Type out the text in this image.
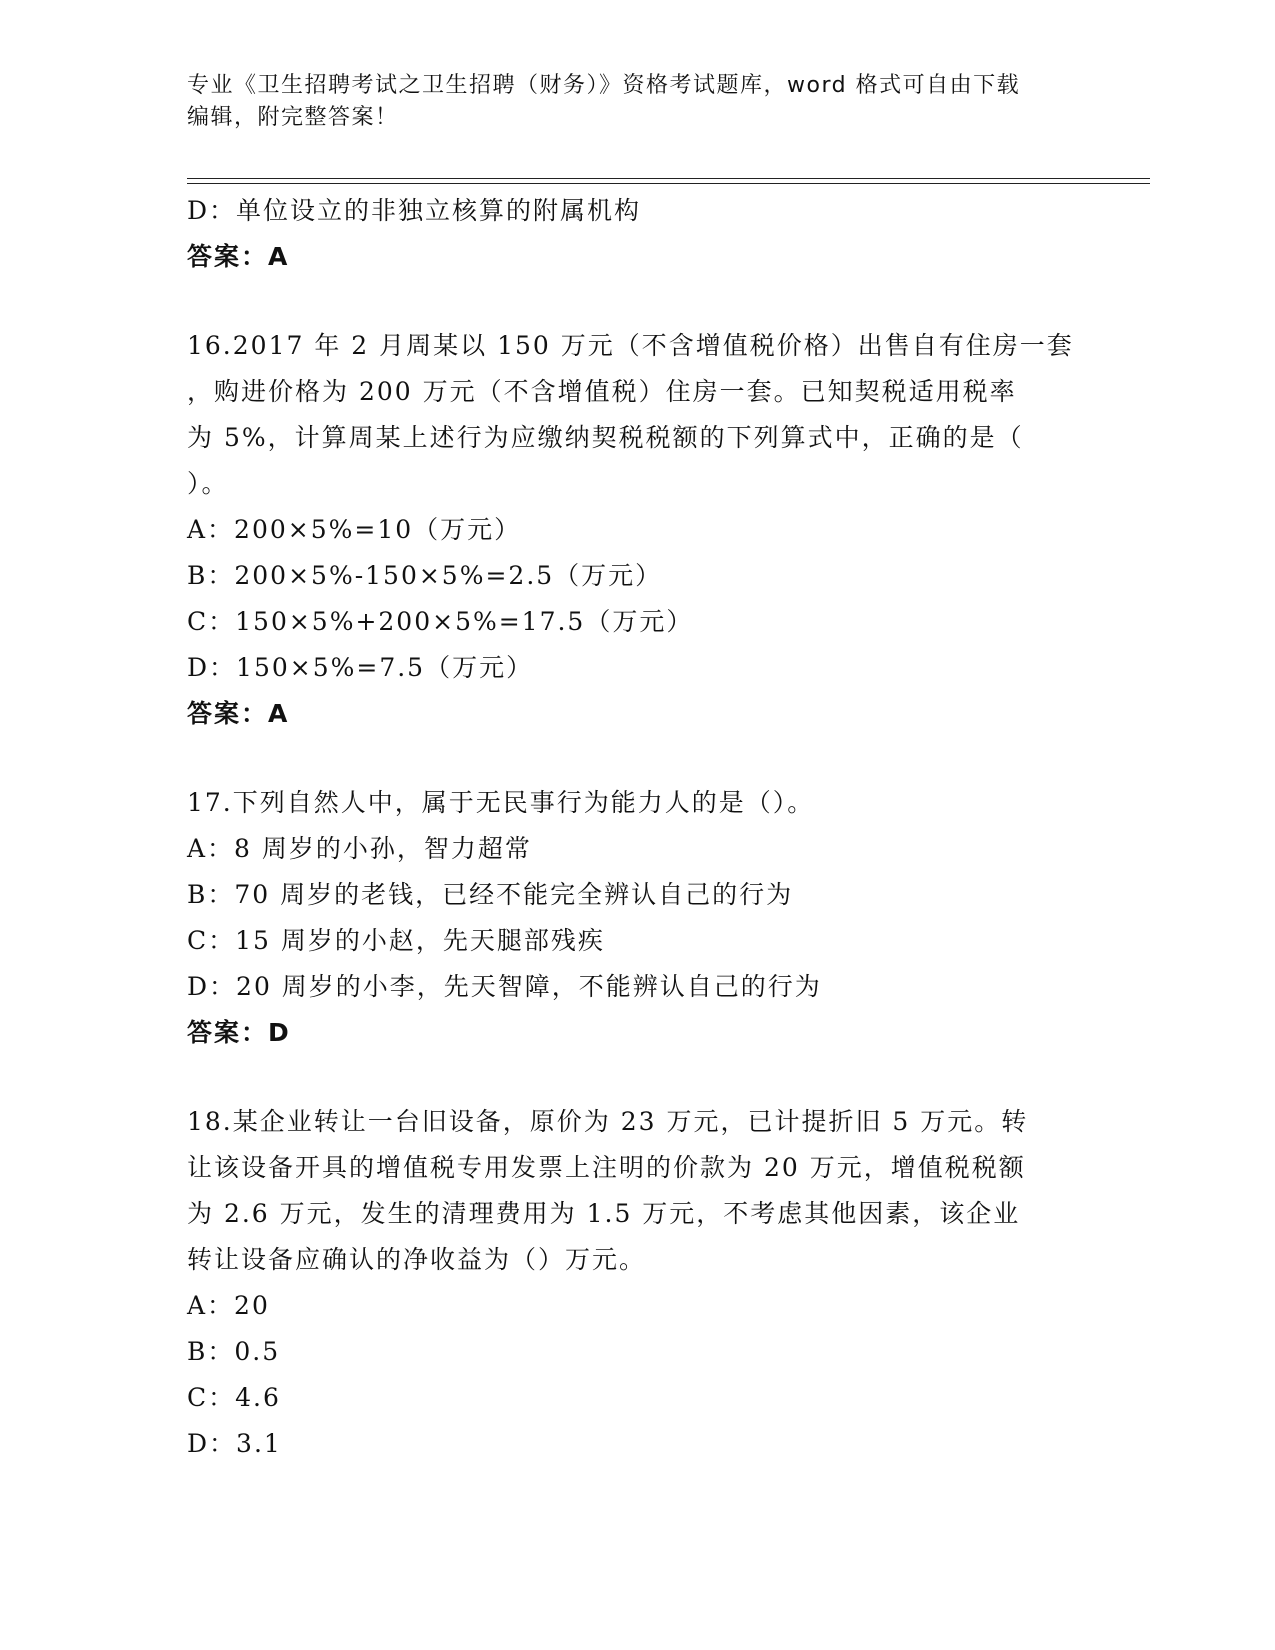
专业《卫生招聘考试之卫生招聘（财务）》资格考试题库，word 格式可自由下载
编辑，附完整答案！
D：单位设立的非独立核算的附属机构
答案：A
16.2017 年 2 月周某以 150 万元（不含增值税价格）出售自有住房一套
，购进价格为 200 万元（不含增值税）住房一套。已知契税适用税率
为 5%，计算周某上述行为应缴纳契税税额的下列算式中，正确的是（
）。
A：200×5%=10（万元）
B：200×5%-150×5%=2.5（万元）
C：150×5%+200×5%=17.5（万元）
D：150×5%=7.5（万元）
答案：A
17.下列自然人中，属于无民事行为能力人的是（）。
A：8 周岁的小孙，智力超常
B：70 周岁的老钱，已经不能完全辨认自己的行为
C：15 周岁的小赵，先天腿部残疾
D：20 周岁的小李，先天智障，不能辨认自己的行为
答案：D
18.某企业转让一台旧设备，原价为 23 万元，已计提折旧 5 万元。转
让该设备开具的增值税专用发票上注明的价款为 20 万元，增值税税额
为 2.6 万元，发生的清理费用为 1.5 万元，不考虑其他因素，该企业
转让设备应确认的净收益为（）万元。
A：20
B：0.5
C：4.6
D：3.1
